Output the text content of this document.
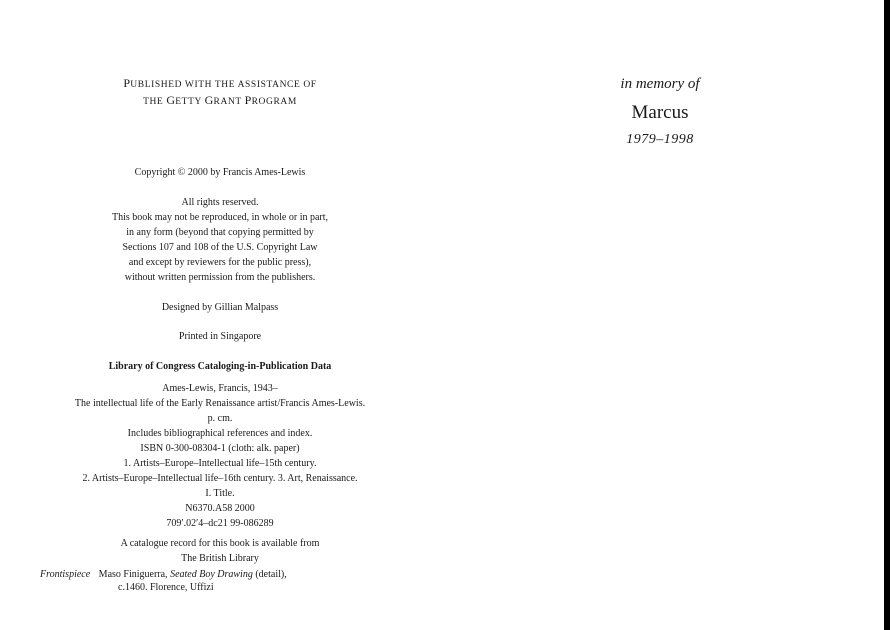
PUBLISHED WITH THE ASSISTANCE OF
THE GETTY GRANT PROGRAM
Copyright © 2000 by Francis Ames-Lewis
All rights reserved.
This book may not be reproduced, in whole or in part,
in any form (beyond that copying permitted by
Sections 107 and 108 of the U.S. Copyright Law
and except by reviewers for the public press),
without written permission from the publishers.
Designed by Gillian Malpass
Printed in Singapore
Library of Congress Cataloging-in-Publication Data
Ames-Lewis, Francis, 1943–
The intellectual life of the Early Renaissance artist/Francis Ames-Lewis.
p. cm.
Includes bibliographical references and index.
ISBN 0-300-08304-1 (cloth: alk. paper)
1. Artists–Europe–Intellectual life–15th century.
2. Artists–Europe–Intellectual life–16th century. 3. Art, Renaissance.
I. Title.
N6370.A58 2000
709′.02′4–dc21 99-086289
A catalogue record for this book is available from
The British Library
Frontispiece Maso Finiguerra, Seated Boy Drawing (detail),
c.1460. Florence, Uffizi
in memory of
Marcus
1979–1998
